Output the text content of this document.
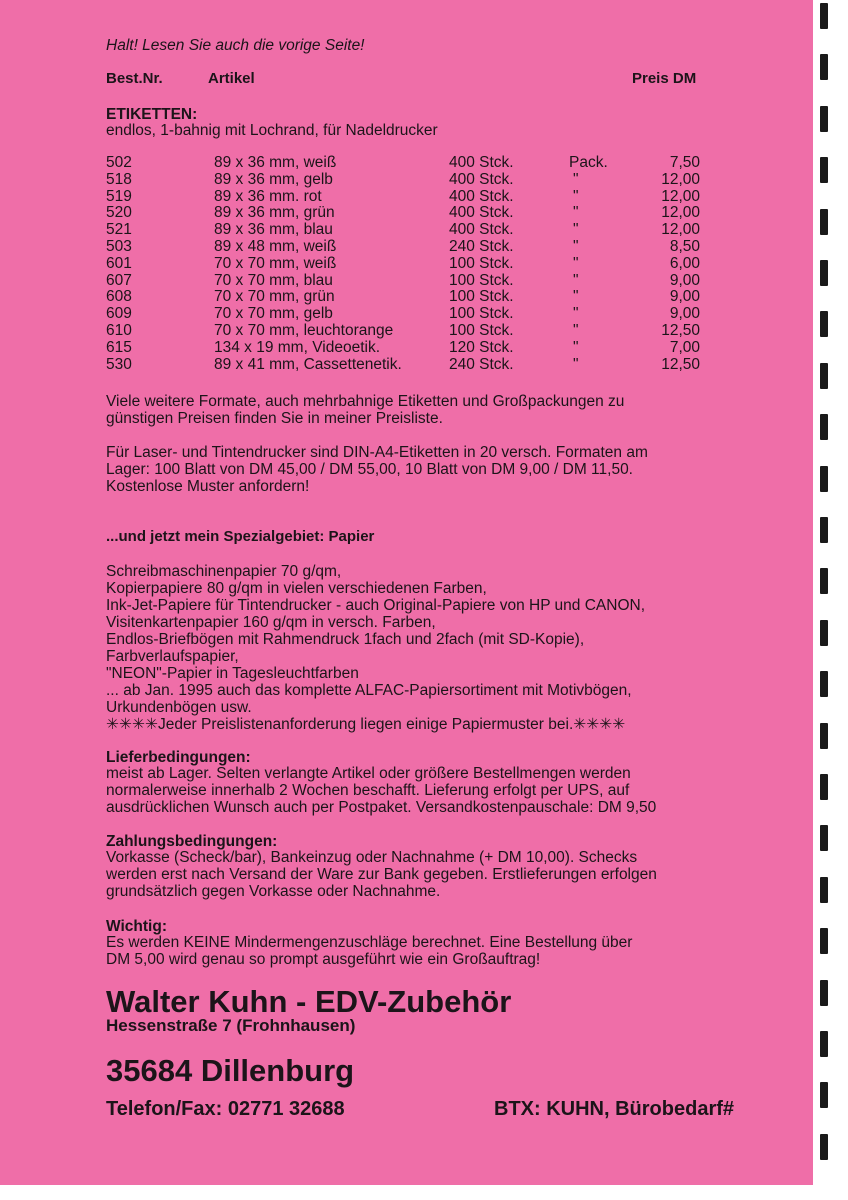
Halt! Lesen Sie auch die vorige Seite!
Best.Nr.	Artikel	Preis DM
ETIKETTEN:
endlos, 1-bahnig mit Lochrand, für Nadeldrucker
502	89 x 36 mm, weiß	400 Stck.	Pack.	7,50
518	89 x 36 mm, gelb	400 Stck.	"	12,00
519	89 x 36 mm. rot	400 Stck.	"	12,00
520	89 x 36 mm, grün	400 Stck.	"	12,00
521	89 x 36 mm, blau	400 Stck.	"	12,00
503	89 x 48 mm, weiß	240 Stck.	"	8,50
601	70 x 70 mm, weiß	100 Stck.	"	6,00
607	70 x 70 mm, blau	100 Stck.	"	9,00
608	70 x 70 mm, grün	100 Stck.	"	9,00
609	70 x 70 mm, gelb	100 Stck.	"	9,00
610	70 x 70 mm, leuchtorange	100 Stck.	"	12,50
615	134 x 19 mm, Videoetik.	120 Stck.	"	7,00
530	89 x 41 mm, Cassettenetik.	240 Stck.	"	12,50
Viele weitere Formate, auch mehrbahnige Etiketten und Großpackungen zu
günstigen Preisen finden Sie in meiner Preisliste.
Für Laser- und Tintendrucker sind DIN-A4-Etiketten in 20 versch. Formaten am
Lager: 100 Blatt von DM 45,00 / DM 55,00, 10 Blatt von DM 9,00 / DM 11,50.
Kostenlose Muster anfordern!
...und jetzt mein Spezialgebiet: Papier
Schreibmaschinenpapier 70 g/qm,
Kopierpapiere 80 g/qm in vielen verschiedenen Farben,
Ink-Jet-Papiere für Tintendrucker - auch Original-Papiere von HP und CANON,
Visitenkartenpapier 160 g/qm in versch. Farben,
Endlos-Briefbögen mit Rahmendruck 1fach und 2fach (mit SD-Kopie),
Farbverlaufspapier,
"NEON"-Papier in Tagesleuchtfarben
... ab Jan. 1995 auch das komplette ALFAC-Papiersortiment mit Motivbögen,
Urkundenbögen usw.
✳✳✳✳Jeder Preislistenanforderung liegen einige Papiermuster bei.✳✳✳✳
Lieferbedingungen:
meist ab Lager. Selten verlangte Artikel oder größere Bestellmengen werden
normalerweise innerhalb 2 Wochen beschafft. Lieferung erfolgt per UPS, auf
ausdrücklichen Wunsch auch per Postpaket. Versandkostenpauschale: DM 9,50
Zahlungsbedingungen:
Vorkasse (Scheck/bar), Bankeinzug oder Nachnahme (+ DM 10,00). Schecks
werden erst nach Versand der Ware zur Bank gegeben. Erstlieferungen erfolgen
grundsätzlich gegen Vorkasse oder Nachnahme.
Wichtig:
Es werden KEINE Mindermengenzuschläge berechnet. Eine Bestellung über
DM 5,00 wird genau so prompt ausgeführt wie ein Großauftrag!
Walter Kuhn - EDV-Zubehör
Hessenstraße 7 (Frohnhausen)
35684 Dillenburg
Telefon/Fax: 02771 32688	BTX: KUHN, Bürobedarf#
